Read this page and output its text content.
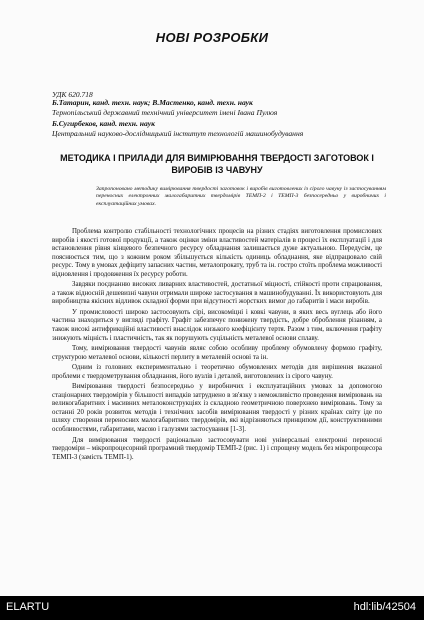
НОВІ РОЗРОБКИ
УДК 620.718
Б.Татарин, канд. техн. наук; В.Мастенко, канд. техн. наук
Тернопільський державний технічний університет імені Івана Пулюя
Б.Сугирбеков, канд. техн. наук
Центральний науково-дослідницький інститут технологій машинобудування
МЕТОДИКА І ПРИЛАДИ ДЛЯ ВИМІРЮВАННЯ ТВЕРДОСТІ ЗАГОТОВОК І ВИРОБІВ ІЗ ЧАВУНУ
Запропоновано методику вимірювання твердості заготовок і виробів виготовлених із сірого чавуну із застосуванням переносних електронних малогабаритних твердомірів ТЕМП-2 і ТЕМП-3 безпосередньо у виробничих і експлуатаційних умовах.

Проблема контролю стабільності технологічних процесів на різних стадіях виготовлення промислових виробів і якості готової продукції, а також оцінки зміни властивостей матеріалів в процесі їх експлуатації і для встановлення рівня кінцевого безпечного ресурсу обладнання залишається дуже актуальною. Передусім, це пояснюється тим, що з кожним роком збільшується кількість одиниць обладнання, яке відпрацювало свій ресурс. Тому в умовах дефіциту запасних частин, металопрокату, труб та ін. гостро стоїть проблема можливості відновлення і продовження їх ресурсу роботи.

Завдяки поєднанню високих ливарних властивостей, достатньої міцності, стійкості проти спрацювання, а також відносній дешевизні чавуни отримали широке застосування в машинобудуванні. Їх використовують для виробництва якісних відливок складної форми при відсутності жорстких вимог до габаритів і маси виробів.

У промисловості широко застосовують сірі, високоміцні і ковкі чавуни, в яких весь вуглець або його частина знаходиться у вигляді графіту. Графіт забезпечує понижену твердість, добре оброблення різанням, а також високі антифрикційні властивості внаслідок низького коефіцієнту тертя. Разом з тим, включення графіту знижують міцність і пластичність, так як порушують суцільність металевої основи сплаву.

Тому, вимірювання твердості чавунів являє собою особливу проблему обумовлену формою графіту, структурою металевої основи, кількості перлиту в металевій основі та ін.

Одним із головних експериментально і теоретично обумовлених методів для вирішення вказаної проблеми є твердометрування обладнання, його вузлів і деталей, виготовлених із сірого чавуну.

Вимірювання твердості безпосередньо у виробничих і експлуатаційних умовах за допомогою стаціонарних твердомірів у більшості випадків затруднено в зв'язку з неможливістю проведення вимірювань на великогабаритних і масивних металоконструкціях із складною геометричною поверхнею вимірювань. Тому за останні 20 років розвиток методів і технічних засобів вимірювання твердості у різних країнах світу іде по шляху створення переносних малогабаритних твердомірів, які відрізняються принципом дії, конструктивними особливостями, габаритами, масою і галузями застосування [1-3].

Для вимірювання твердості раціонально застосовувати нові універсальні електронні переносні твердоміри – мікропроцесорний програмний твердомір ТЕМП-2 (рис. 1) і спрощену модель без мікропроцесора ТЕМП-3 (замість ТЕМП-1).

ELARTU	hdl:lib/42504
